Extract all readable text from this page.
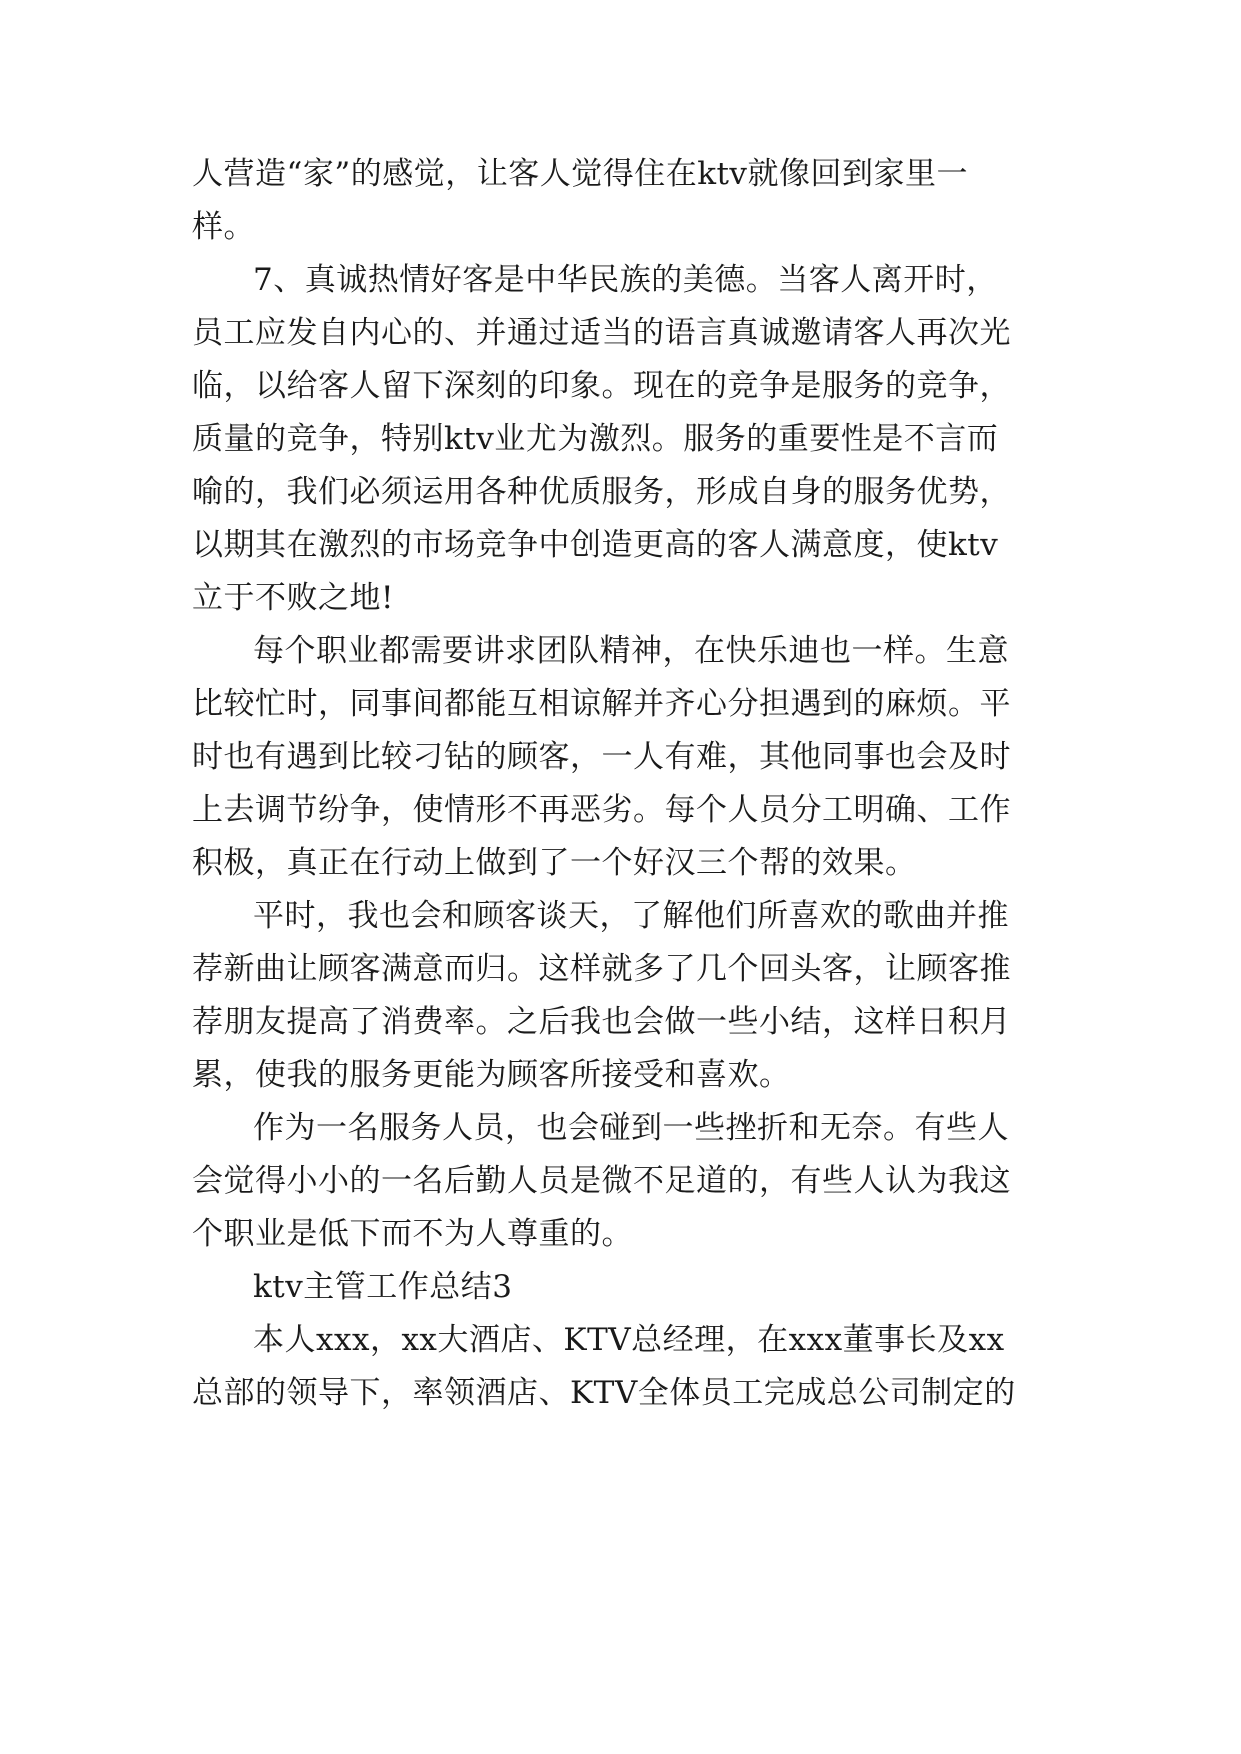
人营造“家”的感觉，让客人觉得住在ktv就像回到家里一
样。
7、真诚热情好客是中华民族的美德。当客人离开时，
员工应发自内心的、并通过适当的语言真诚邀请客人再次光
临，以给客人留下深刻的印象。现在的竞争是服务的竞争，
质量的竞争，特别ktv业尤为激烈。服务的重要性是不言而
喻的，我们必须运用各种优质服务，形成自身的服务优势，
以期其在激烈的市场竞争中创造更高的客人满意度，使ktv
立于不败之地!
每个职业都需要讲求团队精神，在快乐迪也一样。生意
比较忙时，同事间都能互相谅解并齐心分担遇到的麻烦。平
时也有遇到比较刁钻的顾客，一人有难，其他同事也会及时
上去调节纷争，使情形不再恶劣。每个人员分工明确、工作
积极，真正在行动上做到了一个好汉三个帮的效果。
平时，我也会和顾客谈天，了解他们所喜欢的歌曲并推
荐新曲让顾客满意而归。这样就多了几个回头客，让顾客推
荐朋友提高了消费率。之后我也会做一些小结，这样日积月
累，使我的服务更能为顾客所接受和喜欢。
作为一名服务人员，也会碰到一些挫折和无奈。有些人
会觉得小小的一名后勤人员是微不足道的，有些人认为我这
个职业是低下而不为人尊重的。
ktv主管工作总结3
本人xxx，xx大酒店、KTV总经理，在xxx董事长及xx
总部的领导下，率领酒店、KTV全体员工完成总公司制定的
